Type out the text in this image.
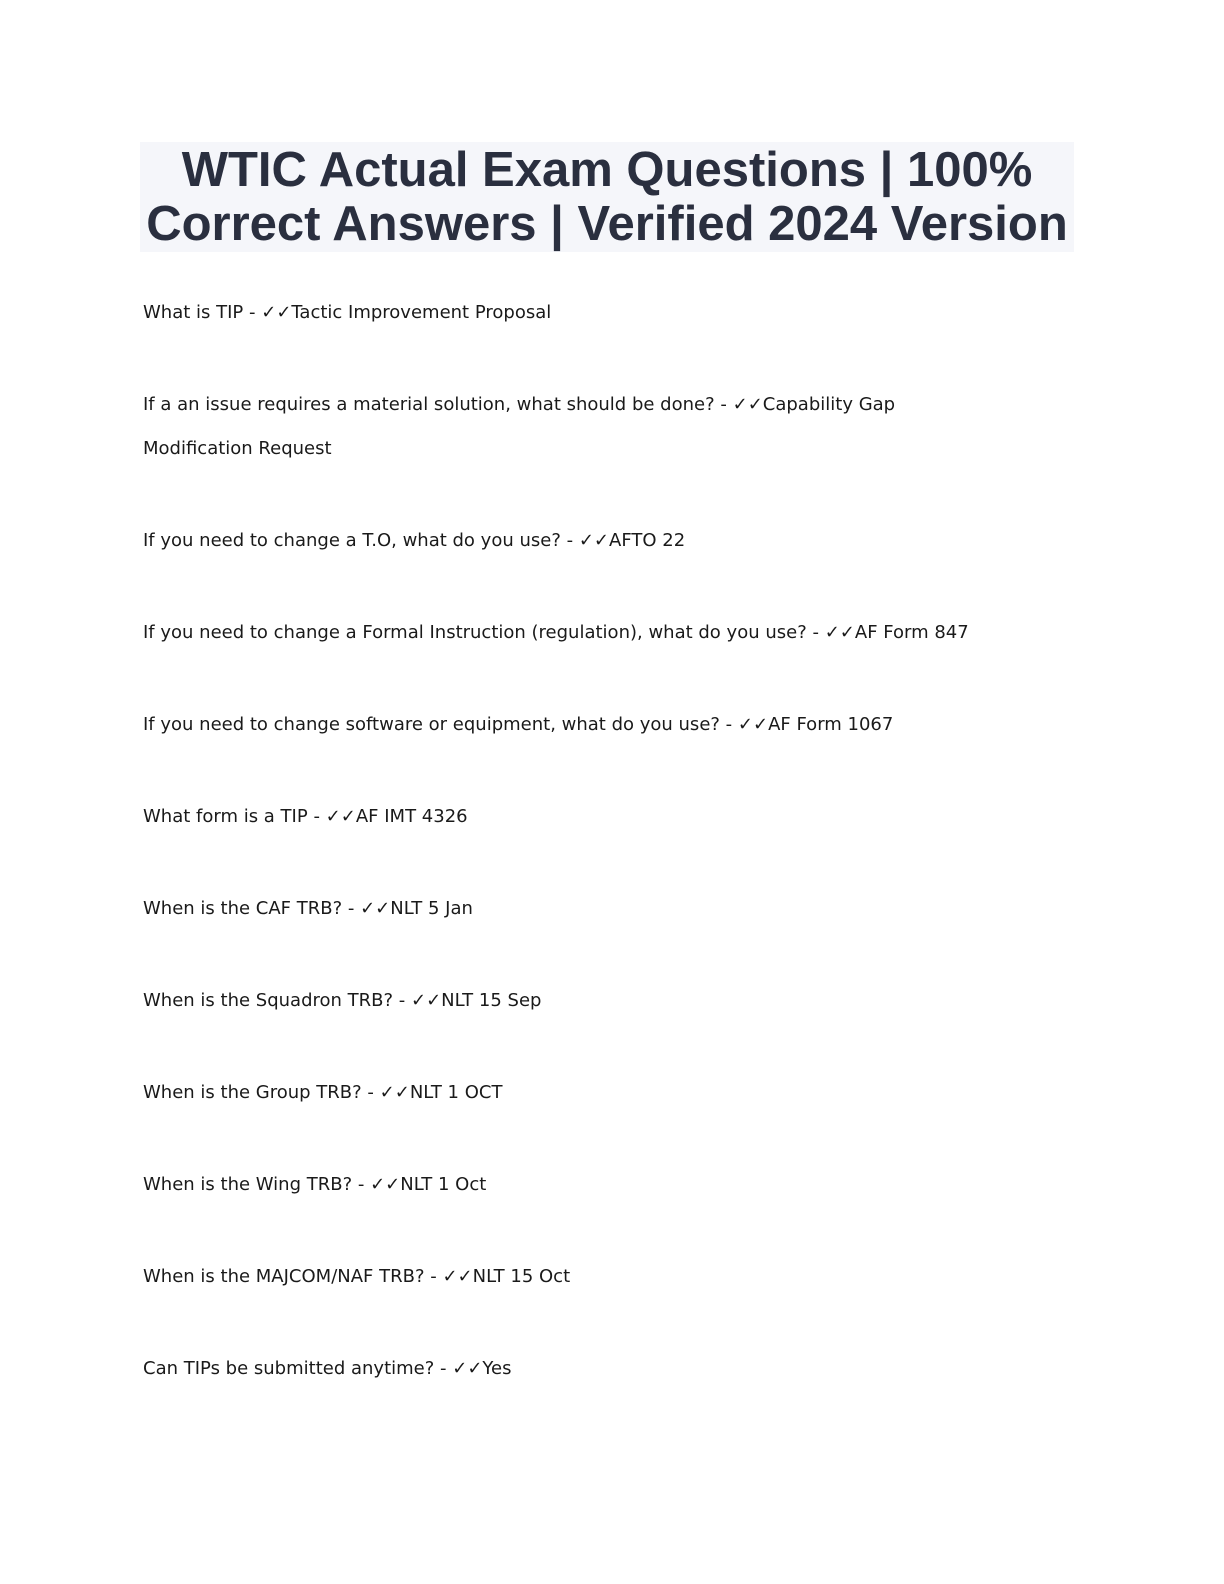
WTIC Actual Exam Questions | 100%
Correct Answers | Verified 2024 Version
What is TIP - ✓✓Tactic Improvement Proposal
If a an issue requires a material solution, what should be done? - ✓✓Capability Gap
Modification Request
If you need to change a T.O, what do you use? - ✓✓AFTO 22
If you need to change a Formal Instruction (regulation), what do you use? - ✓✓AF Form 847
If you need to change software or equipment, what do you use? - ✓✓AF Form 1067
What form is a TIP - ✓✓AF IMT 4326
When is the CAF TRB? - ✓✓NLT 5 Jan
When is the Squadron TRB? - ✓✓NLT 15 Sep
When is the Group TRB? - ✓✓NLT 1 OCT
When is the Wing TRB? - ✓✓NLT 1 Oct
When is the MAJCOM/NAF TRB? - ✓✓NLT 15 Oct
Can TIPs be submitted anytime? - ✓✓Yes
